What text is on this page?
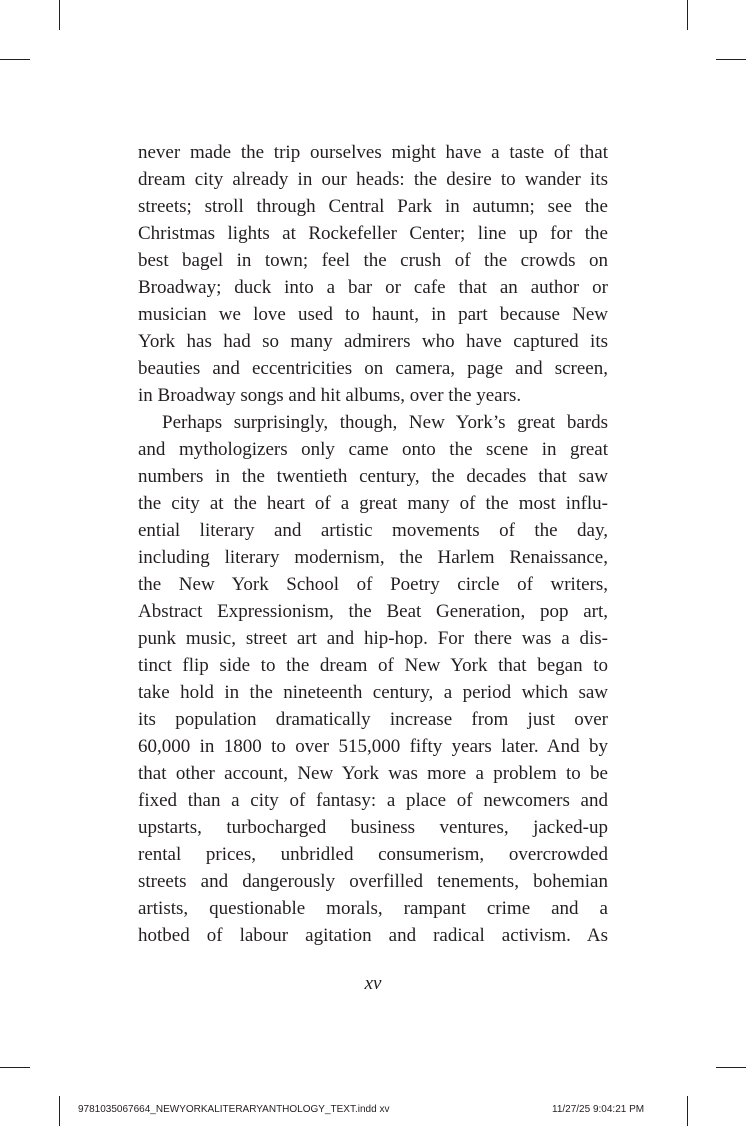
never made the trip ourselves might have a taste of that
dream city already in our heads: the desire to wander its
streets; stroll through Central Park in autumn; see the
Christmas lights at Rockefeller Center; line up for the
best bagel in town; feel the crush of the crowds on
Broadway; duck into a bar or cafe that an author or
musician we love used to haunt, in part because New
York has had so many admirers who have captured its
beauties and eccentricities on camera, page and screen,
in Broadway songs and hit albums, over the years.
Perhaps surprisingly, though, New York’s great bards
and mythologizers only came onto the scene in great
numbers in the twentieth century, the decades that saw
the city at the heart of a great many of the most influ-
ential literary and artistic movements of the day,
including literary modernism, the Harlem Renaissance,
the New York School of Poetry circle of writers,
Abstract Expressionism, the Beat Generation, pop art,
punk music, street art and hip-hop. For there was a dis-
tinct flip side to the dream of New York that began to
take hold in the nineteenth century, a period which saw
its population dramatically increase from just over
60,000 in 1800 to over 515,000 fifty years later. And by
that other account, New York was more a problem to be
fixed than a city of fantasy: a place of newcomers and
upstarts, turbocharged business ventures, jacked-up
rental prices, unbridled consumerism, overcrowded
streets and dangerously overfilled tenements, bohemian
artists, questionable morals, rampant crime and a
hotbed of labour agitation and radical activism. As
xv
9781035067664_NEWYORKALITERARYANTHOLOGY_TEXT.indd xv	11/27/25 9:04:21 PM
